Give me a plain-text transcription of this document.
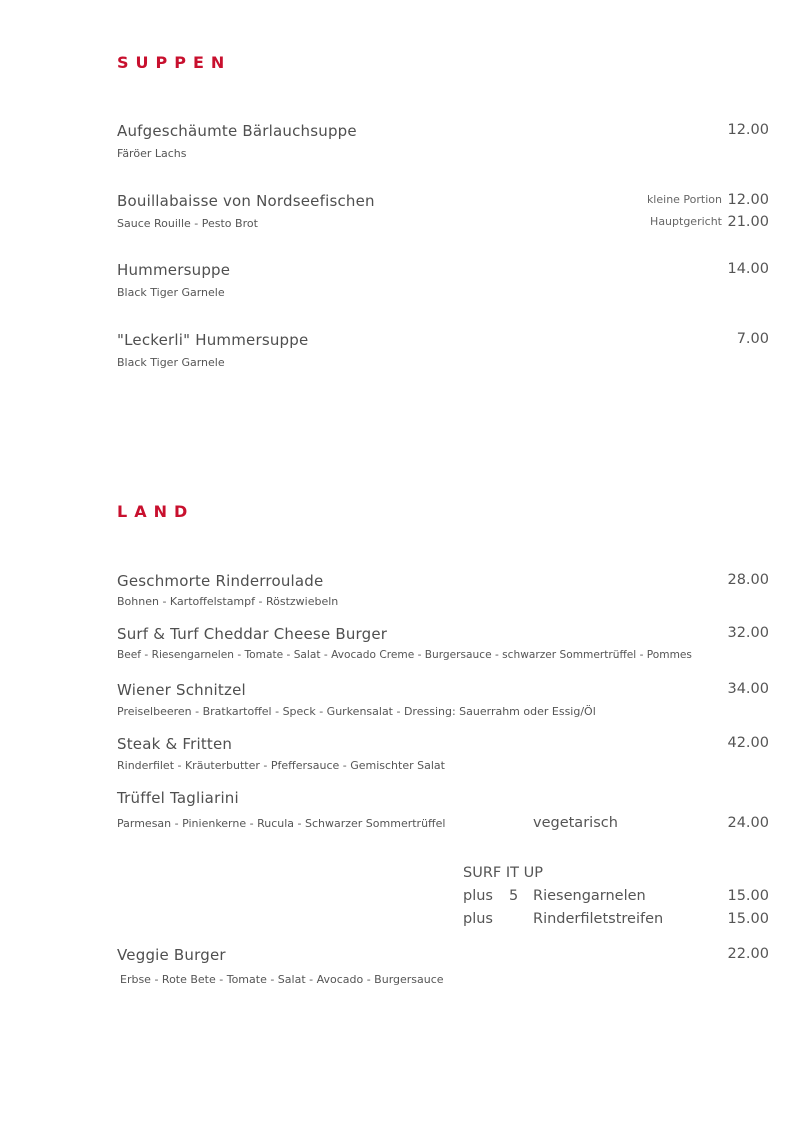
SUPPEN
Aufgeschäumte Bärlauchsuppe
Färöer Lachs
12.00
Bouillabaisse von Nordseefischen
Sauce Rouille - Pesto Brot
kleine Portion 12.00
Hauptgericht 21.00
Hummersuppe
Black Tiger Garnele
14.00
"Leckerli" Hummersuppe
Black Tiger Garnele
7.00
LAND
Geschmorte Rinderroulade
Bohnen - Kartoffelstampf - Röstzwiebeln
28.00
Surf & Turf Cheddar Cheese Burger
Beef - Riesengarnelen - Tomate - Salat - Avocado Creme - Burgersauce - schwarzer Sommertrüffel - Pommes
32.00
Wiener Schnitzel
Preiselbeeren - Bratkartoffel - Speck - Gurkensalat - Dressing: Sauerrahm oder Essig/Öl
34.00
Steak & Fritten
Rinderfilet - Kräuterbutter - Pfeffersauce - Gemischter Salat
42.00
Trüffel Tagliarini
Parmesan - Pinienkerne - Rucula - Schwarzer Sommertrüffel	vegetarisch	24.00
SURF IT UP
plus 5 Riesengarnelen	15.00
plus	Rinderfiletstreifen	15.00
Veggie Burger
Erbse - Rote Bete - Tomate - Salat - Avocado - Burgersauce
22.00
